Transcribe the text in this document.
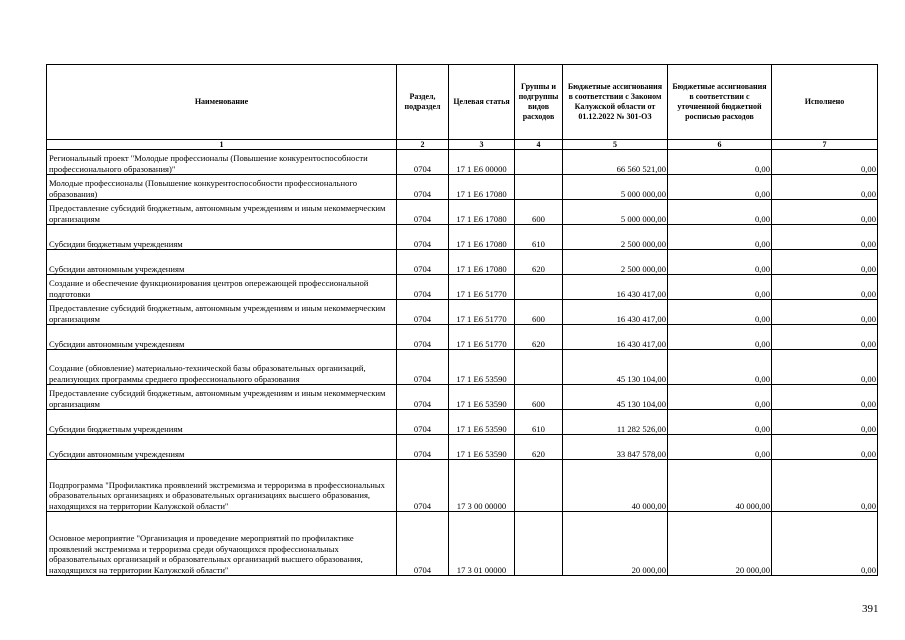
Наименование	Раздел, подраздел	Целевая статья	Группы и подгруппы видов расходов	Бюджетные ассигнования в соответствии с Законом Калужской области от 01.12.2022 № 301-ОЗ	Бюджетные ассигнования в соответствии с уточненной бюджетной росписью расходов	Исполнено
1	2	3	4	5	6	7
Региональный проект "Молодые профессионалы (Повышение конкурентоспособности профессионального образования)"	0704	17 1 E6 00000		66 560 521,00	0,00	0,00
Молодые профессионалы (Повышение конкурентоспособности профессионального образования)	0704	17 1 E6 17080		5 000 000,00	0,00	0,00
Предоставление субсидий бюджетным, автономным учреждениям и иным некоммерческим организациям	0704	17 1 E6 17080	600	5 000 000,00	0,00	0,00
Субсидии бюджетным учреждениям	0704	17 1 E6 17080	610	2 500 000,00	0,00	0,00
Субсидии автономным учреждениям	0704	17 1 E6 17080	620	2 500 000,00	0,00	0,00
Создание и обеспечение функционирования центров опережающей профессиональной подготовки	0704	17 1 E6 51770		16 430 417,00	0,00	0,00
Предоставление субсидий бюджетным, автономным учреждениям и иным некоммерческим организациям	0704	17 1 E6 51770	600	16 430 417,00	0,00	0,00
Субсидии автономным учреждениям	0704	17 1 E6 51770	620	16 430 417,00	0,00	0,00
Создание (обновление) материально-технической базы образовательных организаций, реализующих программы среднего профессионального образования	0704	17 1 E6 53590		45 130 104,00	0,00	0,00
Предоставление субсидий бюджетным, автономным учреждениям и иным некоммерческим организациям	0704	17 1 E6 53590	600	45 130 104,00	0,00	0,00
Субсидии бюджетным учреждениям	0704	17 1 E6 53590	610	11 282 526,00	0,00	0,00
Субсидии автономным учреждениям	0704	17 1 E6 53590	620	33 847 578,00	0,00	0,00
Подпрограмма "Профилактика проявлений экстремизма и терроризма в профессиональных образовательных организациях и образовательных организациях высшего образования, находящихся на территории Калужской области"	0704	17 3 00 00000		40 000,00	40 000,00	0,00
Основное мероприятие "Организация и проведение мероприятий по профилактике проявлений экстремизма и терроризма среди обучающихся профессиональных образовательных организаций и образовательных организаций высшего образования, находящихся на территории Калужской области"	0704	17 3 01 00000		20 000,00	20 000,00	0,00
391
